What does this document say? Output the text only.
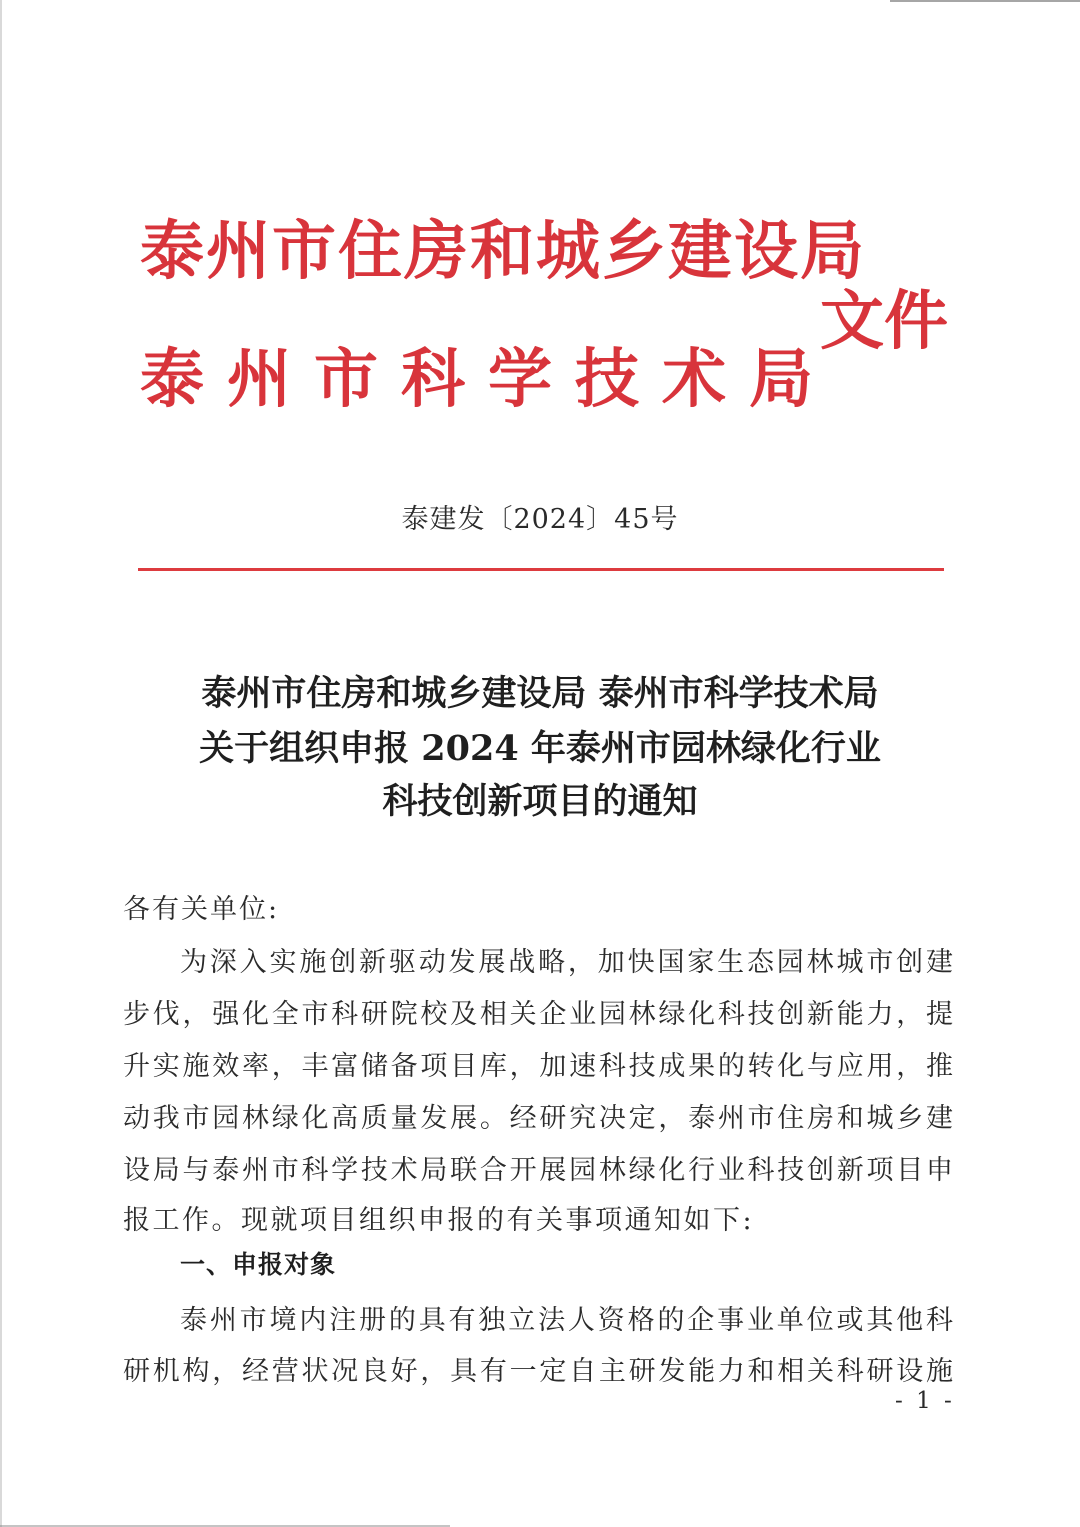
泰州市住房和城乡建设局
泰州市科学技术局
文件
泰建发〔2024〕45号
泰州市住房和城乡建设局 泰州市科学技术局
关于组织申报 2024 年泰州市园林绿化行业
科技创新项目的通知
各有关单位:
为深入实施创新驱动发展战略，加快国家生态园林城市创建
步伐，强化全市科研院校及相关企业园林绿化科技创新能力，提
升实施效率，丰富储备项目库，加速科技成果的转化与应用，推
动我市园林绿化高质量发展。经研究决定，泰州市住房和城乡建
设局与泰州市科学技术局联合开展园林绿化行业科技创新项目申
报工作。现就项目组织申报的有关事项通知如下:
一、申报对象
泰州市境内注册的具有独立法人资格的企事业单位或其他科
研机构，经营状况良好，具有一定自主研发能力和相关科研设施
- 1 -
